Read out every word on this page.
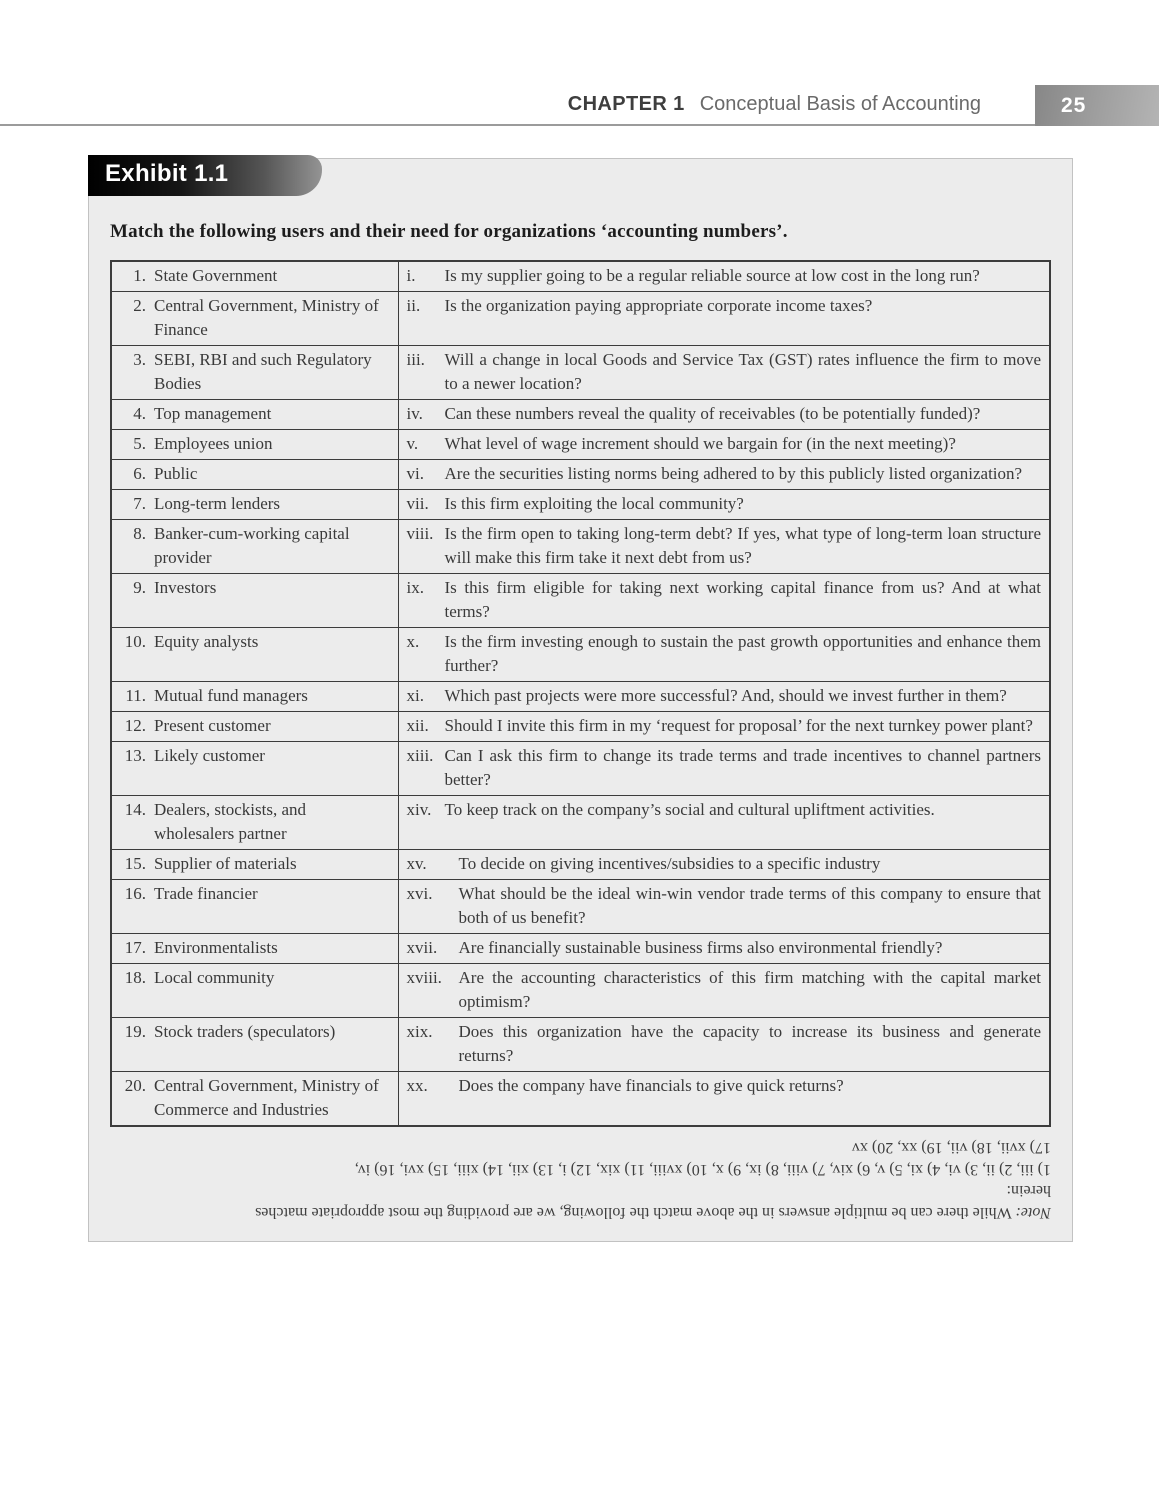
CHAPTER 1 Conceptual Basis of Accounting	25
Exhibit 1.1
Match the following users and their need for organizations ‘accounting numbers’.
1. State Government	i. Is my supplier going to be a regular reliable source at low cost in the long run?

2. Central Government, Ministry of Finance	ii. Is the organization paying appropriate corporate income taxes?

3. SEBI, RBI and such Regulatory Bodies	iii. Will a change in local Goods and Service Tax (GST) rates influence the firm to move to a newer location?

4. Top management	iv. Can these numbers reveal the quality of receivables (to be potentially funded)?

5. Employees union	v. What level of wage increment should we bargain for (in the next meeting)?

6. Public	vi. Are the securities listing norms being adhered to by this publicly listed organization?

7. Long-term lenders	vii. Is this firm exploiting the local community?

8. Banker-cum-working capital provider	viii. Is the firm open to taking long-term debt? If yes, what type of long-term loan structure will make this firm take it next debt from us?

9. Investors	ix. Is this firm eligible for taking next working capital finance from us? And at what terms?

10. Equity analysts	x. Is the firm investing enough to sustain the past growth opportunities and enhance them further?

11. Mutual fund managers	xi. Which past projects were more successful? And, should we invest further in them?

12. Present customer	xii. Should I invite this firm in my ‘request for proposal’ for the next turnkey power plant?

13. Likely customer	xiii. Can I ask this firm to change its trade terms and trade incentives to channel partners better?

14. Dealers, stockists, and wholesalers partner	xiv. To keep track on the company’s social and cultural upliftment activities.

15. Supplier of materials	xv. To decide on giving incentives/subsidies to a specific industry

16. Trade financier	xvi. What should be the ideal win-win vendor trade terms of this company to ensure that both of us benefit?

17. Environmentalists	xvii. Are financially sustainable business firms also environmental friendly?

18. Local community	xviii. Are the accounting characteristics of this firm matching with the capital market optimism?

19. Stock traders (speculators)	xix. Does this organization have the capacity to increase its business and generate returns?

20. Central Government, Ministry of Commerce and Industries	xx. Does the company have financials to give quick returns?
Note: While there can be multiple answers in the above match the following, we are providing the most appropriate matches
herein:
1) iii, 2) ii, 3) vi, 4) xi, 5) v, 6) xiv, 7) viii, 8) ix, 9) x, 10) xviii, 11) xix, 12) i, 13) xii, 14) xiii, 15) xvi, 16) iv,
17) xvii, 18) vii, 19) xx, 20) xv
